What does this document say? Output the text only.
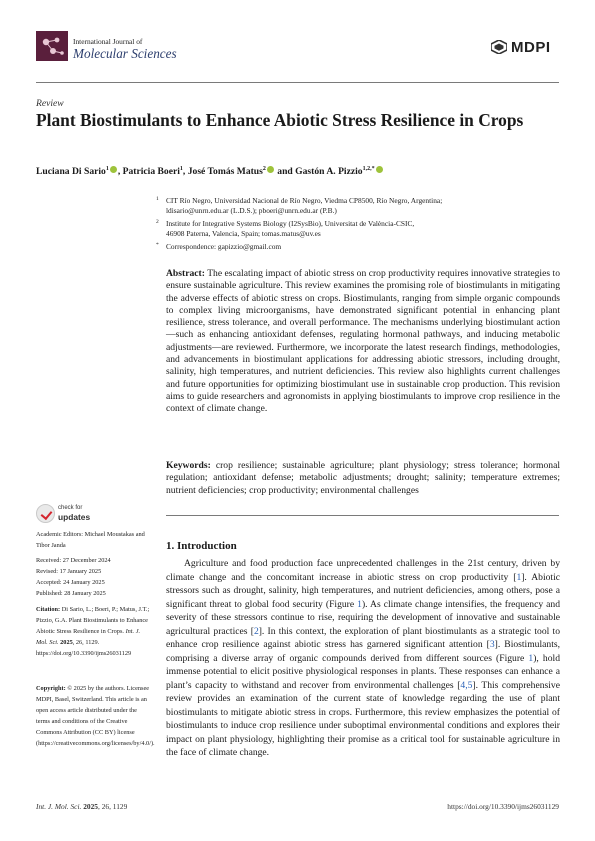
International Journal of
Molecular Sciences	MDPI
Review
Plant Biostimulants to Enhance Abiotic Stress Resilience in Crops
Luciana Di Sario$^1$ , Patricia Boeri$^1$, José Tomás Matus$^2$ and Gastón A. Pizzio$^{1,2,*}$
1 CIT Río Negro, Universidad Nacional de Río Negro, Viedma CP8500, Río Negro, Argentina;

ldisario@unrn.edu.ar (L.D.S.); pboeri@unrn.edu.ar (P.B.)

2 Institute for Integrative Systems Biology (I2SysBio), Universitat de València-CSIC,

46908 Paterna, Valencia, Spain; tomas.matus@uv.es

* Correspondence: gapizzio@gmail.com

Abstract: The escalating impact of abiotic stress on crop productivity requires innovative strategies to ensure sustainable agriculture. This review examines the promising role of biostimulants in mitigating the adverse effects of abiotic stress on crops. Biostimulants, ranging from simple organic compounds to complex living microorganisms, have demonstrated significant potential in enhancing plant resilience, stress tolerance, and overall performance. The mechanisms underlying biostimulant action—such as enhancing antioxidant defenses, regulating hormonal pathways, and inducing metabolic adjustments—are reviewed. Furthermore, we incorporate the latest research findings, methodologies, and advancements in biostimulant applications for addressing abiotic stressors, including drought, salinity, high temperatures, and nutrient deficiencies. This review also highlights current challenges and future opportunities for optimizing biostimulant use in sustainable crop production. This revision aims to guide researchers and agronomists in applying biostimulants to improve crop resilience in the context of climate change.

Keywords: crop resilience; sustainable agriculture; plant physiology; stress tolerance; hormonal regulation; antioxidant defense; metabolic adjustments; drought; salinity; temperature extremes; nutrient deficiencies; crop productivity; environmental challenges

check for
updates

Academic Editors: Michael Moustakas and Tibor Janda

Received: 27 December 2024

Revised: 17 January 2025

Accepted: 24 January 2025

Published: 28 January 2025

Citation: Di Sario, L.; Boeri, P.; Matus, J.T.; Pizzio, G.A. Plant Biostimulants to Enhance Abiotic Stress Resilience in Crops. Int. J. Mol. Sci. 2025, 26, 1129. https://doi.org/10.3390/ijms26031129

Copyright: © 2025 by the authors. Licensee MDPI, Basel, Switzerland. This article is an open access article distributed under the terms and conditions of the Creative Commons Attribution (CC BY) license (https://creativecommons.org/licenses/by/4.0/).

1. Introduction

Agriculture and food production face unprecedented challenges in the 21st century, driven by climate change and the concomitant increase in abiotic stress on crop productivity [1]. Abiotic stressors such as drought, salinity, high temperatures, and nutrient deficiencies, among others, pose a significant threat to global food security (Figure 1). As climate change intensifies, the frequency and severity of these stressors continue to rise, requiring the development of innovative and sustainable agricultural practices [2]. In this context, the exploration of plant biostimulants as a strategic tool to enhance crop resilience against abiotic stress has garnered significant attention [3]. Biostimulants, comprising a diverse array of organic compounds derived from different sources (Figure 1), hold immense potential to elicit positive physiological responses in plants. These responses can enhance a plant’s capacity to withstand and recover from environmental challenges [4,5]. This comprehensive review provides an examination of the current state of knowledge regarding the use of plant biostimulants to mitigate abiotic stress in crops. Furthermore, this review emphasizes the potential of biostimulants to induce crop resilience under suboptimal environmental conditions and explores their impact on plant physiology, highlighting their promise as a critical tool for sustainable agriculture in the face of climate change.

Int. J. Mol. Sci. 2025, 26, 1129	https://doi.org/10.3390/ijms26031129
